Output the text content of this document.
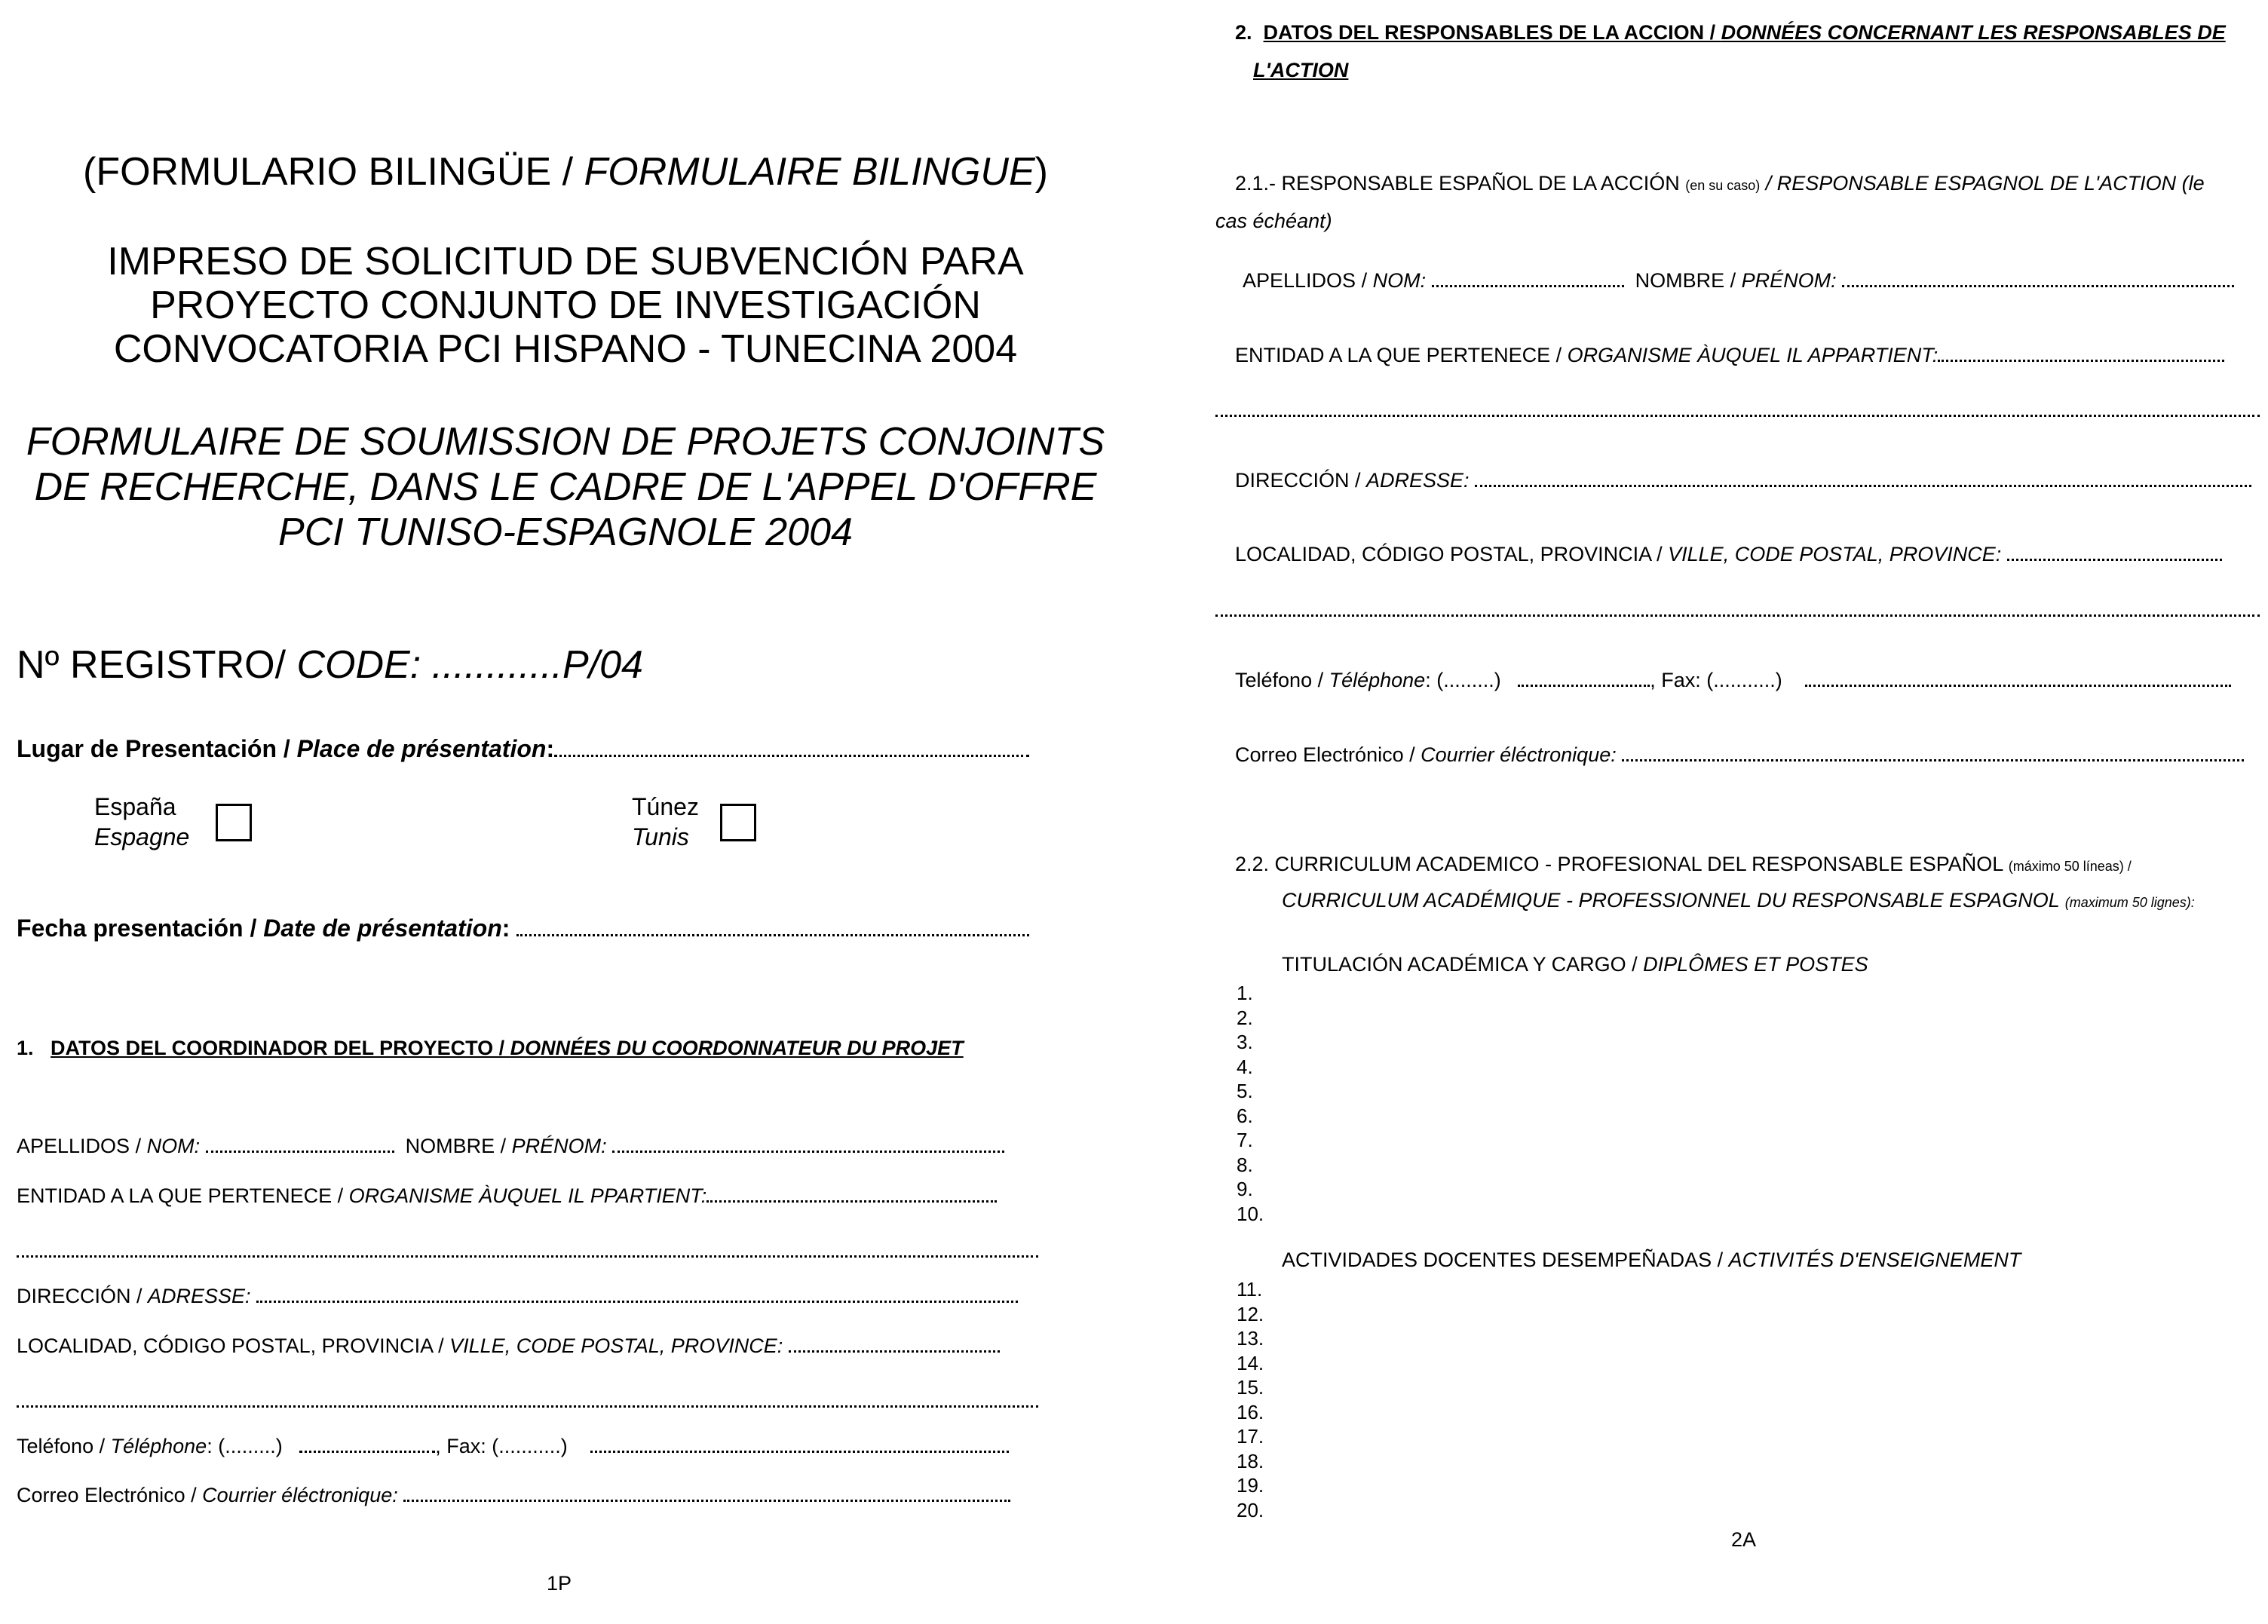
(FORMULARIO BILINGÜE / FORMULAIRE BILINGUE)
IMPRESO DE SOLICITUD DE SUBVENCIÓN PARA
PROYECTO CONJUNTO DE INVESTIGACIÓN
CONVOCATORIA PCI HISPANO - TUNECINA 2004
FORMULAIRE DE SOUMISSION DE PROJETS CONJOINTS
DE RECHERCHE, DANS LE CADRE DE L'APPEL D'OFFRE
PCI TUNISO-ESPAGNOLE 2004
Nº REGISTRO/ CODE: ............P/04
Lugar de Presentación / Place de présentation:
España
Espagne
Túnez
Tunis
Fecha presentación / Date de présentation:
1. DATOS DEL COORDINADOR DEL PROYECTO / DONNÉES DU COORDONNATEUR DU PROJET
APELLIDOS / NOM:	NOMBRE / PRÉNOM:
ENTIDAD A LA QUE PERTENECE / ORGANISME ÀUQUEL IL PPARTIENT:
DIRECCIÓN / ADRESSE:
LOCALIDAD, CÓDIGO POSTAL, PROVINCIA / VILLE, CODE POSTAL, PROVINCE:
Teléfono / Téléphone: (.........)	, Fax: (...........)
Correo Electrónico / Courrier éléctronique:
1P
2. DATOS DEL RESPONSABLES DE LA ACCION / DONNÉES CONCERNANT LES RESPONSABLES DE
L'ACTION
2.1.- RESPONSABLE ESPAÑOL DE LA ACCIÓN (en su caso) / RESPONSABLE ESPAGNOL DE L'ACTION (le
cas échéant)
APELLIDOS / NOM:	NOMBRE / PRÉNOM:
ENTIDAD A LA QUE PERTENECE / ORGANISME ÀUQUEL IL APPARTIENT:
DIRECCIÓN / ADRESSE:
LOCALIDAD, CÓDIGO POSTAL, PROVINCIA / VILLE, CODE POSTAL, PROVINCE:
Teléfono / Téléphone: (.........)	, Fax: (...........)
Correo Electrónico / Courrier éléctronique:
2.2. CURRICULUM ACADEMICO - PROFESIONAL DEL RESPONSABLE ESPAÑOL (máximo 50 líneas) /
CURRICULUM ACADÉMIQUE - PROFESSIONNEL DU RESPONSABLE ESPAGNOL (maximum 50 lignes):
TITULACIÓN ACADÉMICA Y CARGO / DIPLÔMES ET POSTES
1.
2.
3.
4.
5.
6.
7.
8.
9.
10.
ACTIVIDADES DOCENTES DESEMPEÑADAS / ACTIVITÉS D'ENSEIGNEMENT
11.
12.
13.
14.
15.
16.
17.
18.
19.
20.
2A
